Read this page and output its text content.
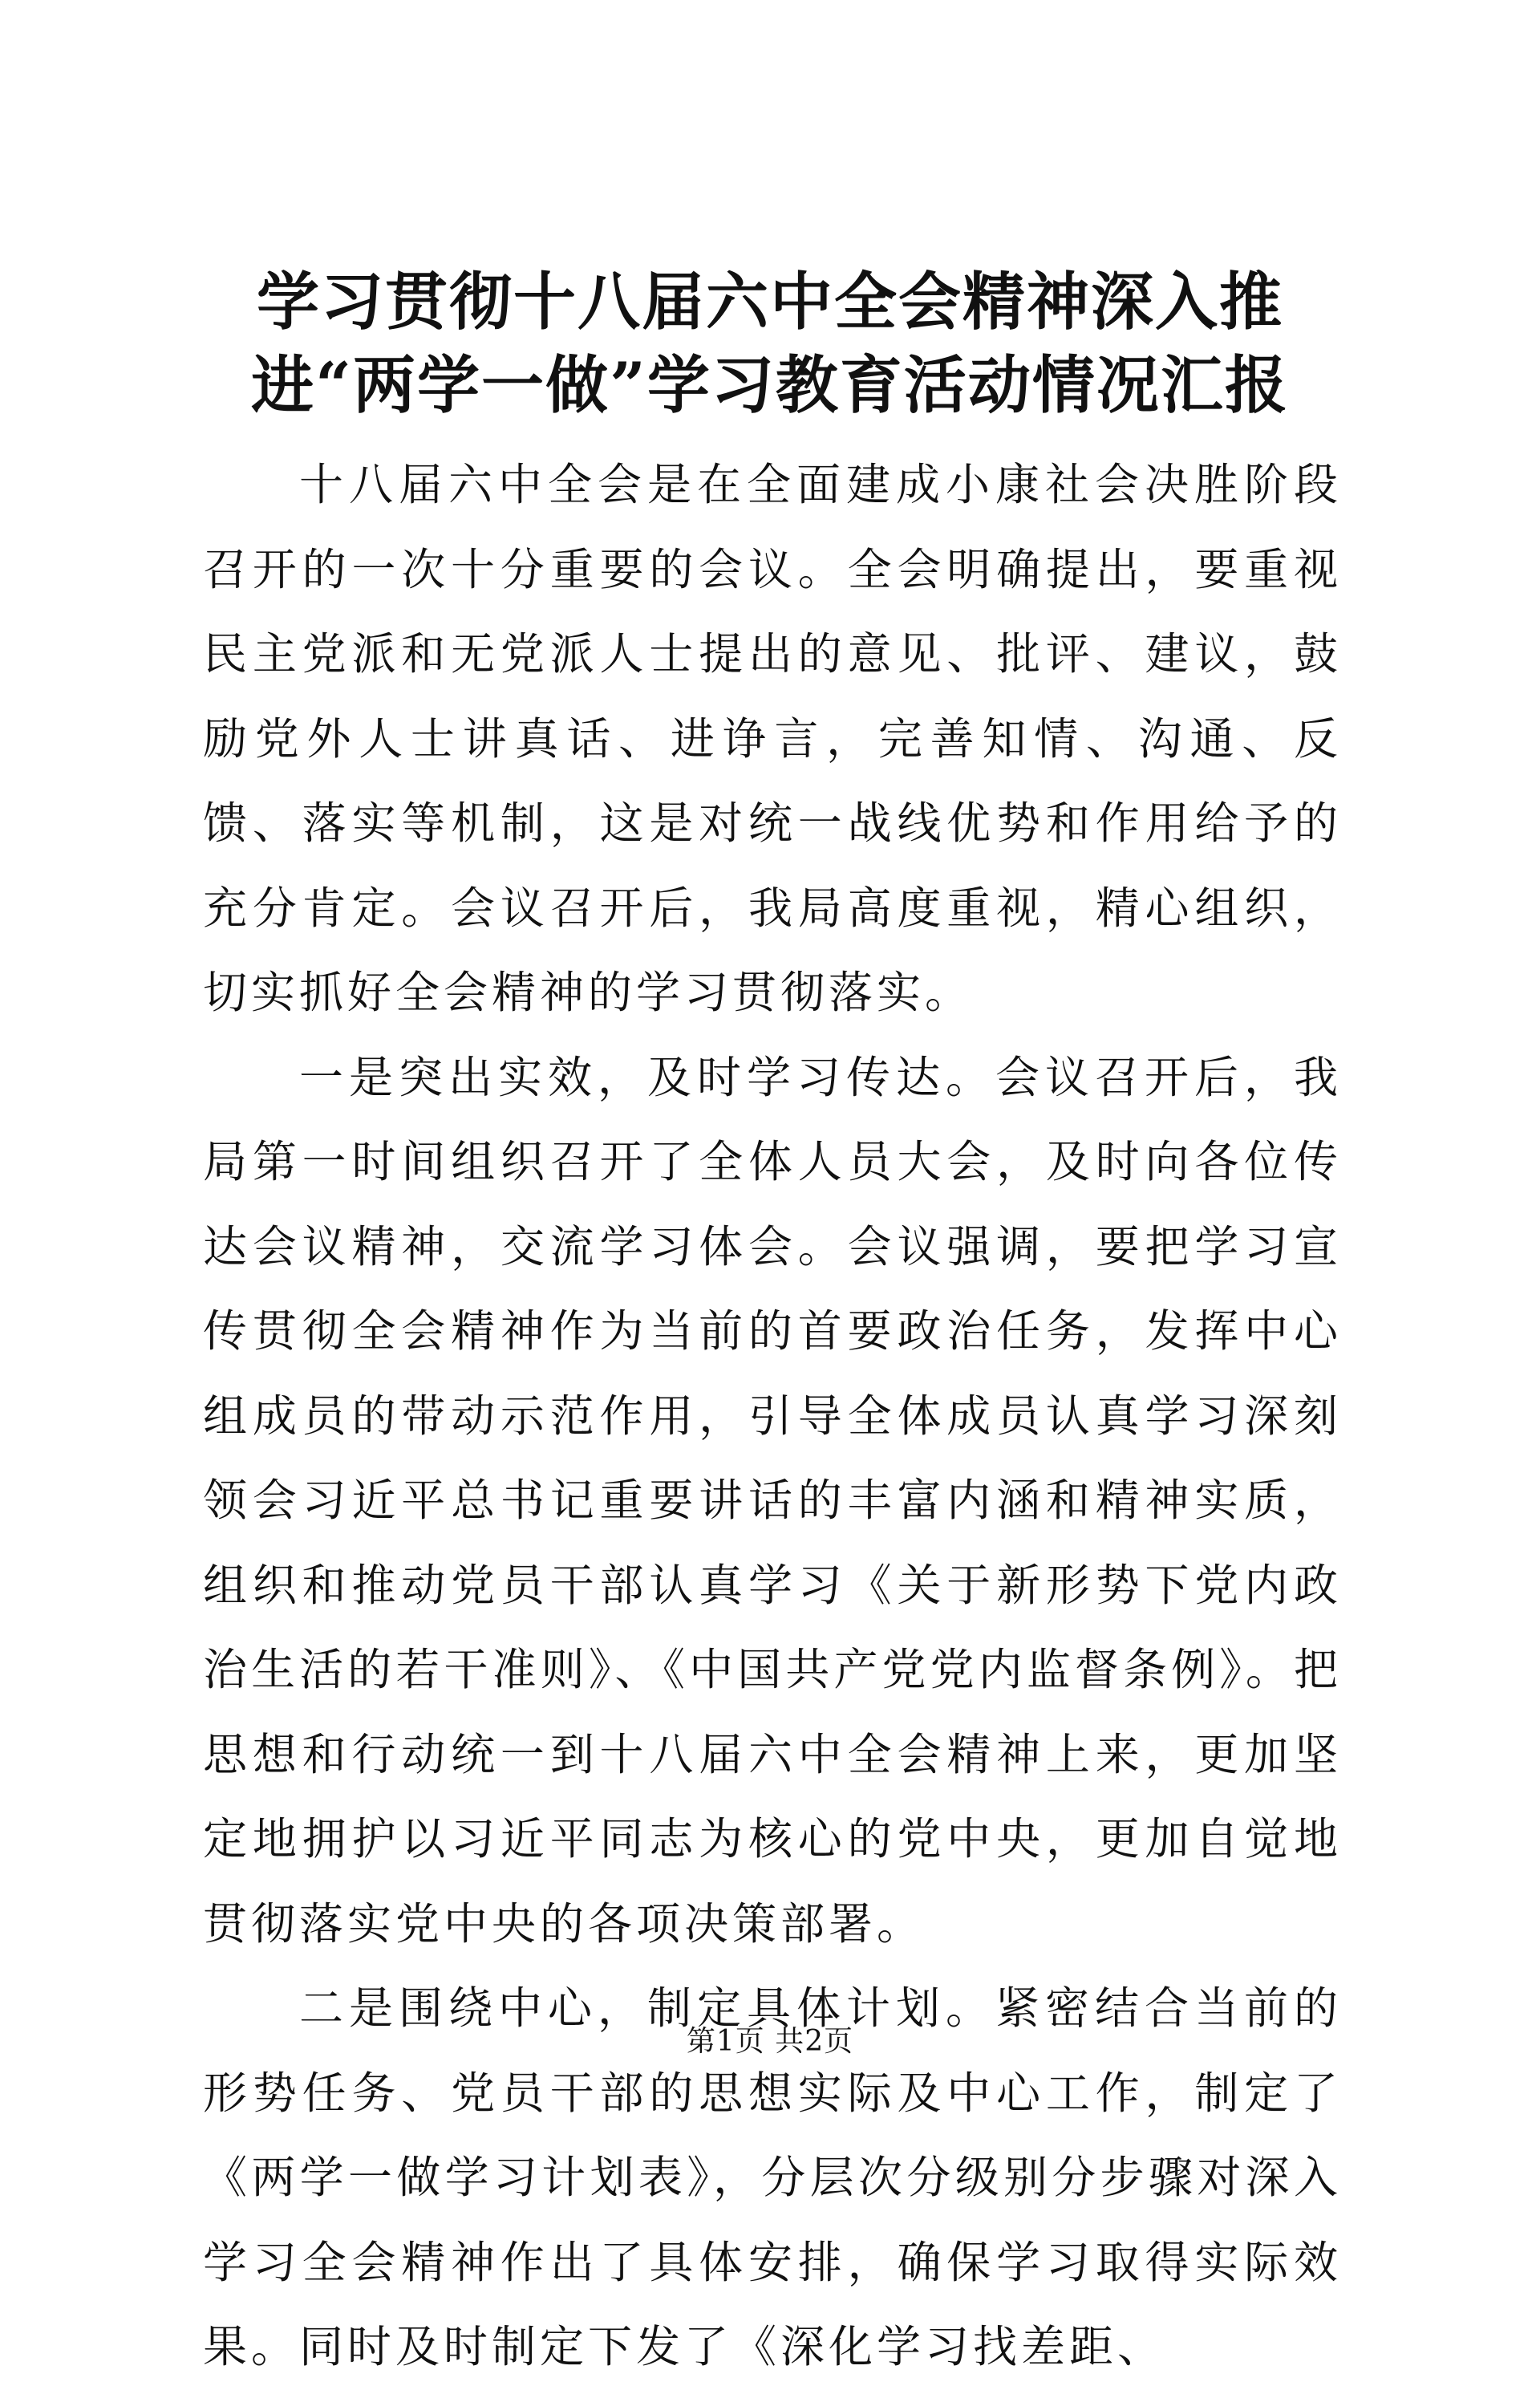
学习贯彻十八届六中全会精神深入推进“两学一做”学习教育活动情况汇报

十八届六中全会是在全面建成小康社会决胜阶段召开的一次十分重要的会议。全会明确提出，要重视民主党派和无党派人士提出的意见、批评、建议，鼓励党外人士讲真话、进诤言，完善知情、沟通、反馈、落实等机制，这是对统一战线优势和作用给予的充分肯定。会议召开后，我局高度重视，精心组织，切实抓好全会精神的学习贯彻落实。

一是突出实效，及时学习传达。会议召开后，我局第一时间组织召开了全体人员大会，及时向各位传达会议精神，交流学习体会。会议强调，要把学习宣传贯彻全会精神作为当前的首要政治任务，发挥中心组成员的带动示范作用，引导全体成员认真学习深刻领会习近平总书记重要讲话的丰富内涵和精神实质，组织和推动党员干部认真学习《关于新形势下党内政治生活的若干准则》、《中国共产党党内监督条例》。把思想和行动统一到十八届六中全会精神上来，更加坚定地拥护以习近平同志为核心的党中央，更加自觉地贯彻落实党中央的各项决策部署。

二是围绕中心，制定具体计划。紧密结合当前的形势任务、党员干部的思想实际及中心工作，制定了《两学一做学习计划表》，分层次分级别分步骤对深入学习全会精神作出了具体安排，确保学习取得实际效果。同时及时制定下发了《深化学习找差距、

第1页 共2页
